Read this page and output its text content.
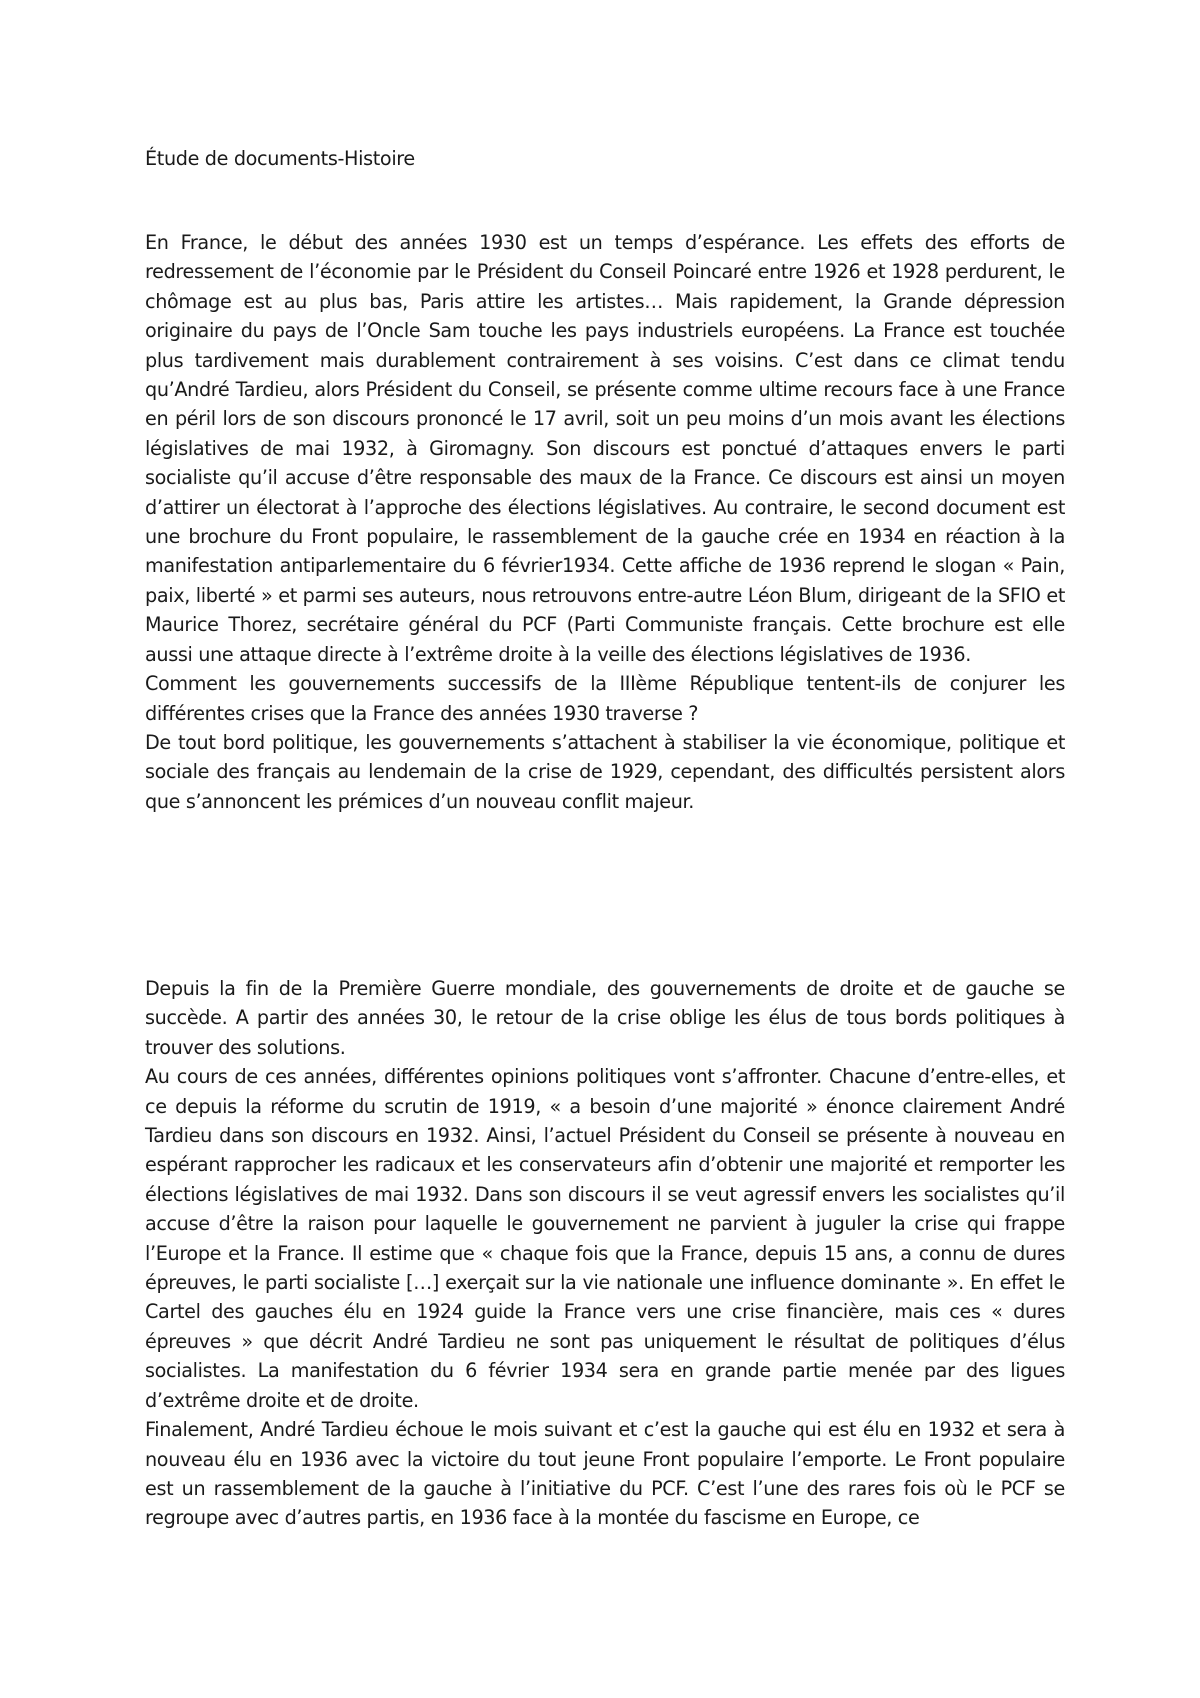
Étude de documents-Histoire

En France, le début des années 1930 est un temps d’espérance. Les effets des efforts de redressement de l’économie par le Président du Conseil Poincaré entre 1926 et 1928 perdurent, le chômage est au plus bas, Paris attire les artistes… Mais rapidement, la Grande dépression originaire du pays de l’Oncle Sam touche les pays industriels européens. La France est touchée plus tardivement mais durablement contrairement à ses voisins. C’est dans ce climat tendu qu’André Tardieu, alors Président du Conseil, se présente comme ultime recours face à une France en péril lors de son discours prononcé le 17 avril, soit un peu moins d’un mois avant les élections législatives de mai 1932, à Giromagny. Son discours est ponctué d’attaques envers le parti socialiste qu’il accuse d’être responsable des maux de la France. Ce discours est ainsi un moyen d’attirer un électorat à l’approche des élections législatives. Au contraire, le second document est une brochure du Front populaire, le rassemblement de la gauche crée en 1934 en réaction à la manifestation antiparlementaire du 6 février1934. Cette affiche de 1936 reprend le slogan « Pain, paix, liberté » et parmi ses auteurs, nous retrouvons entre-autre Léon Blum, dirigeant de la SFIO et Maurice Thorez, secrétaire général du PCF (Parti Communiste français. Cette brochure est elle aussi une attaque directe à l’extrême droite à la veille des élections législatives de 1936.

Comment les gouvernements successifs de la IIIème République tentent-ils de conjurer les différentes crises que la France des années 1930 traverse ?

De tout bord politique, les gouvernements s’attachent à stabiliser la vie économique, politique et sociale des français au lendemain de la crise de 1929, cependant, des difficultés persistent alors que s’annoncent les prémices d’un nouveau conflit majeur.

Depuis la fin de la Première Guerre mondiale, des gouvernements de droite et de gauche se succède. A partir des années 30, le retour de la crise oblige les élus de tous bords politiques à trouver des solutions.

Au cours de ces années, différentes opinions politiques vont s’affronter. Chacune d’entre-elles, et ce depuis la réforme du scrutin de 1919, « a besoin d’une majorité » énonce clairement André Tardieu dans son discours en 1932. Ainsi, l’actuel Président du Conseil se présente à nouveau en espérant rapprocher les radicaux et les conservateurs afin d’obtenir une majorité et remporter les élections législatives de mai 1932. Dans son discours il se veut agressif envers les socialistes qu’il accuse d’être la raison pour laquelle le gouvernement ne parvient à juguler la crise qui frappe l’Europe et la France. Il estime que « chaque fois que la France, depuis 15 ans, a connu de dures épreuves, le parti socialiste […] exerçait sur la vie nationale une influence dominante ». En effet le Cartel des gauches élu en 1924 guide la France vers une crise financière, mais ces « dures épreuves » que décrit André Tardieu ne sont pas uniquement le résultat de politiques d’élus socialistes. La manifestation du 6 février 1934 sera en grande partie menée par des ligues d’extrême droite et de droite.

Finalement, André Tardieu échoue le mois suivant et c’est la gauche qui est élu en 1932 et sera à nouveau élu en 1936 avec la victoire du tout jeune Front populaire l’emporte. Le Front populaire est un rassemblement de la gauche à l’initiative du PCF. C’est l’une des rares fois où le PCF se regroupe avec d’autres partis, en 1936 face à la montée du fascisme en Europe, ce
